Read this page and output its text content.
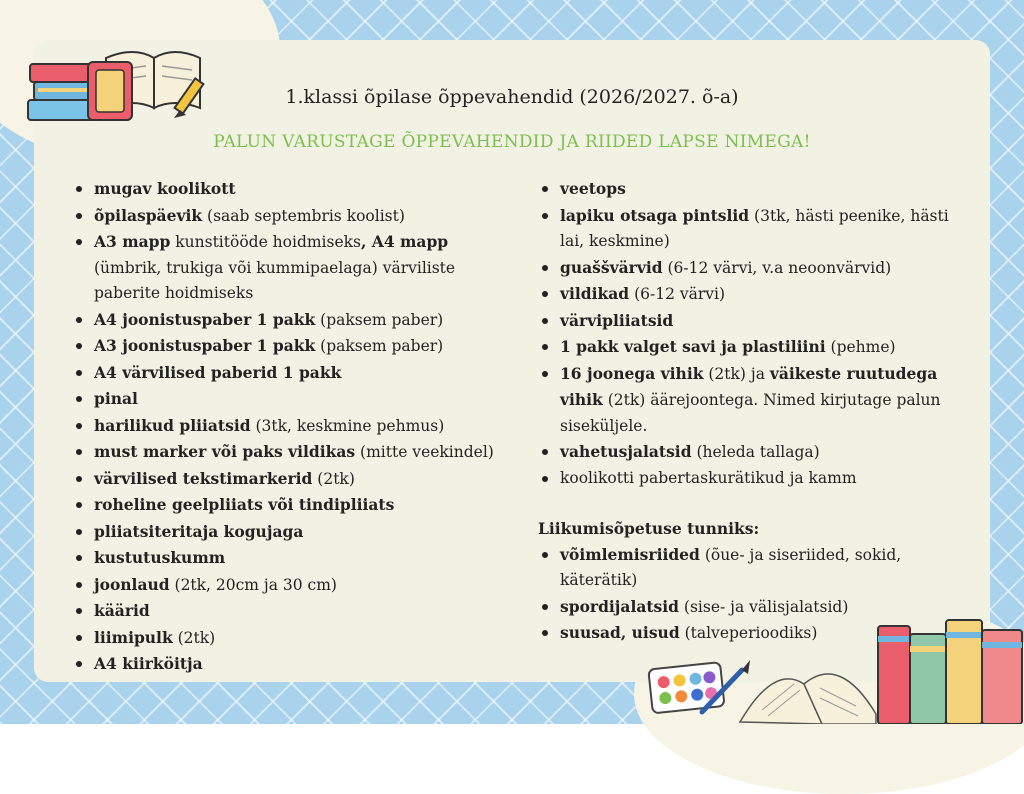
1.klassi õpilase õppevahendid (2026/2027. õ-a)
PALUN VARUSTAGE ÕPPEVAHENDID JA RIIDED LAPSE NIMEGA!
mugav koolikott
õpilaspäevik (saab septembris koolist)
A3 mapp kunstitööde hoidmiseks, A4 mapp (ümbrik, trukiga või kummipaelaga) värviliste paberite hoidmiseks
A4 joonistuspaber 1 pakk (paksem paber)
A3 joonistuspaber 1 pakk (paksem paber)
A4 värvilised paberid 1 pakk
pinal
harilikud pliiatsid (3tk, keskmine pehmus)
must marker või paks vildikas (mitte veekindel)
värvilised tekstimarkerid (2tk)
roheline geelpliiats või tindipliiats
pliiatsiteritaja kogujaga
kustutuskumm
joonlaud (2tk, 20cm ja 30 cm)
käärid
liimipulk (2tk)
A4 kiirköitja
veetops
lapiku otsaga pintslid (3tk, hästi peenike, hästi lai, keskmine)
guaššvärvid (6-12 värvi, v.a neoonvärvid)
vildikad (6-12 värvi)
värvipliiatsid
1 pakk valget savi ja plastiliini (pehme)
16 joonega vihik (2tk) ja väikeste ruutudega vihik (2tk) äärejoontega. Nimed kirjutage palun siseküljele.
vahetusjalatsid (heleda tallaga)
koolikotti pabertaskurätikud ja kamm
Liikumisõpetuse tunniks:
võimlemisriided (õue- ja siseriided, sokid, käterätik)
spordijalatsid (sise- ja välisjalatsid)
suusad, uisud (talveperioodiks)
